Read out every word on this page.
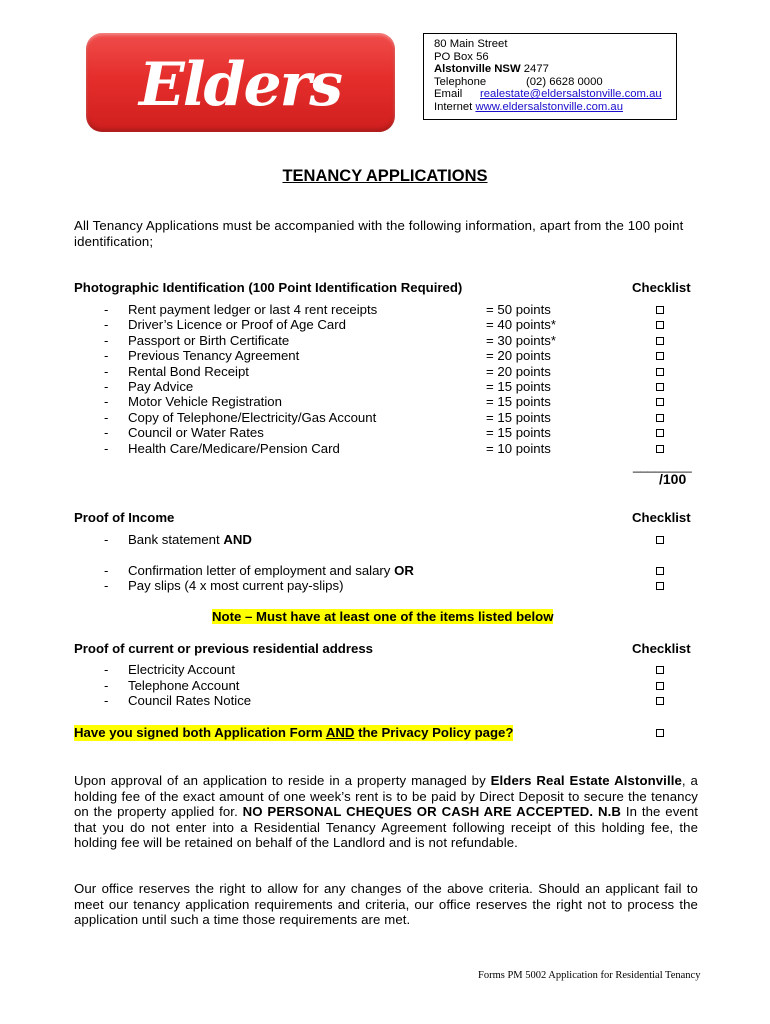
Elders
80 Main Street
PO Box 56
Alstonville NSW 2477
Telephone	(02) 6628 0000
Email realestate@eldersalstonville.com.au
Internet www.eldersalstonville.com.au
TENANCY APPLICATIONS
All Tenancy Applications must be accompanied with the following information, apart from the 100 point identification;
Photographic Identification (100 Point Identification Required)	Checklist
- Rent payment ledger or last 4 rent receipts	= 50 points
- Driver’s Licence or Proof of Age Card	= 40 points*
- Passport or Birth Certificate	= 30 points*
- Previous Tenancy Agreement	= 20 points
- Rental Bond Receipt	= 20 points
- Pay Advice	= 15 points
- Motor Vehicle Registration	= 15 points
- Copy of Telephone/Electricity/Gas Account	= 15 points
- Council or Water Rates	= 15 points
- Health Care/Medicare/Pension Card	= 10 points
________
/100
Proof of Income	Checklist
- Bank statement AND
- Confirmation letter of employment and salary OR
- Pay slips (4 x most current pay-slips)
Note – Must have at least one of the items listed below
Proof of current or previous residential address	Checklist
- Electricity Account
- Telephone Account
- Council Rates Notice
Have you signed both Application Form AND the Privacy Policy page?
Upon approval of an application to reside in a property managed by Elders Real Estate Alstonville, a holding fee of the exact amount of one week’s rent is to be paid by Direct Deposit to secure the tenancy on the property applied for. NO PERSONAL CHEQUES OR CASH ARE ACCEPTED. N.B In the event that you do not enter into a Residential Tenancy Agreement following receipt of this holding fee, the holding fee will be retained on behalf of the Landlord and is not refundable.
Our office reserves the right to allow for any changes of the above criteria. Should an applicant fail to meet our tenancy application requirements and criteria, our office reserves the right not to process the application until such a time those requirements are met.
Forms PM 5002 Application for Residential Tenancy
